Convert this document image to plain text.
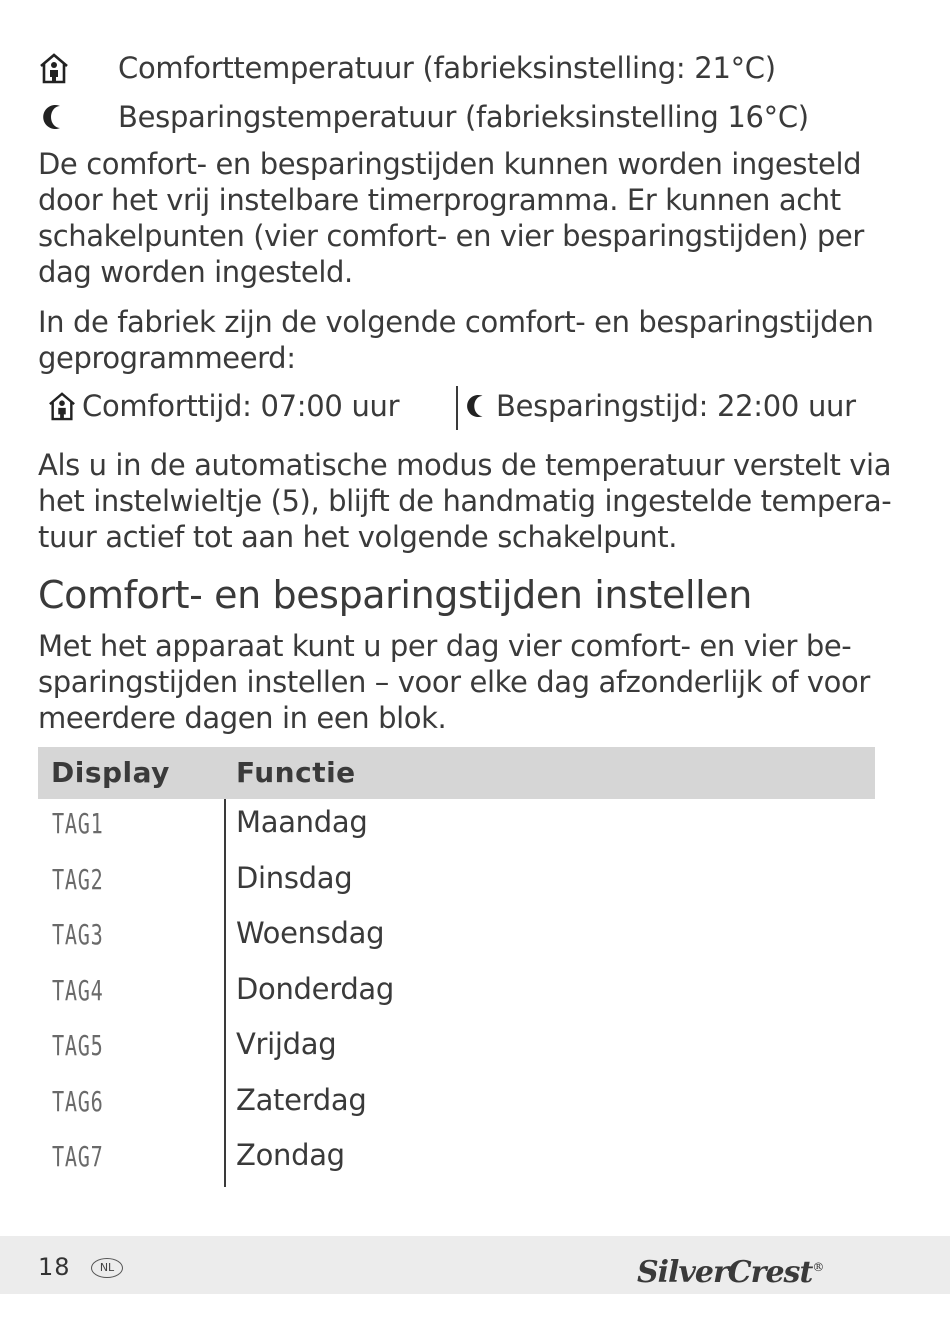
Comforttemperatuur (fabrieksinstelling: 21°C)
Besparingstemperatuur (fabrieksinstelling 16°C)

De comfort- en besparingstijden kunnen worden ingesteld

door het vrij instelbare timerprogramma. Er kunnen acht

schakelpunten (vier comfort- en vier besparingstijden) per

dag worden ingesteld.

In de fabriek zijn de volgende comfort- en besparingstijden

geprogrammeerd:

Comforttijd: 07:00 uur	Besparingstijd: 22:00 uur

Als u in de automatische modus de temperatuur verstelt via

het instelwieltje (5), blijft de handmatig ingestelde tempera-

tuur actief tot aan het volgende schakelpunt.

Comfort- en besparingstijden instellen

Met het apparaat kunt u per dag vier comfort- en vier be-

sparingstijden instellen – voor elke dag afzonderlijk of voor

meerdere dagen in een blok.

Display Functie
TAG1	Maandag
TAG2	Dinsdag
TAG3	Woensdag
TAG4	Donderdag
TAG5	Vrijdag
TAG6	Zaterdag
TAG7	Zondag
18	NL	SilverCrest®
